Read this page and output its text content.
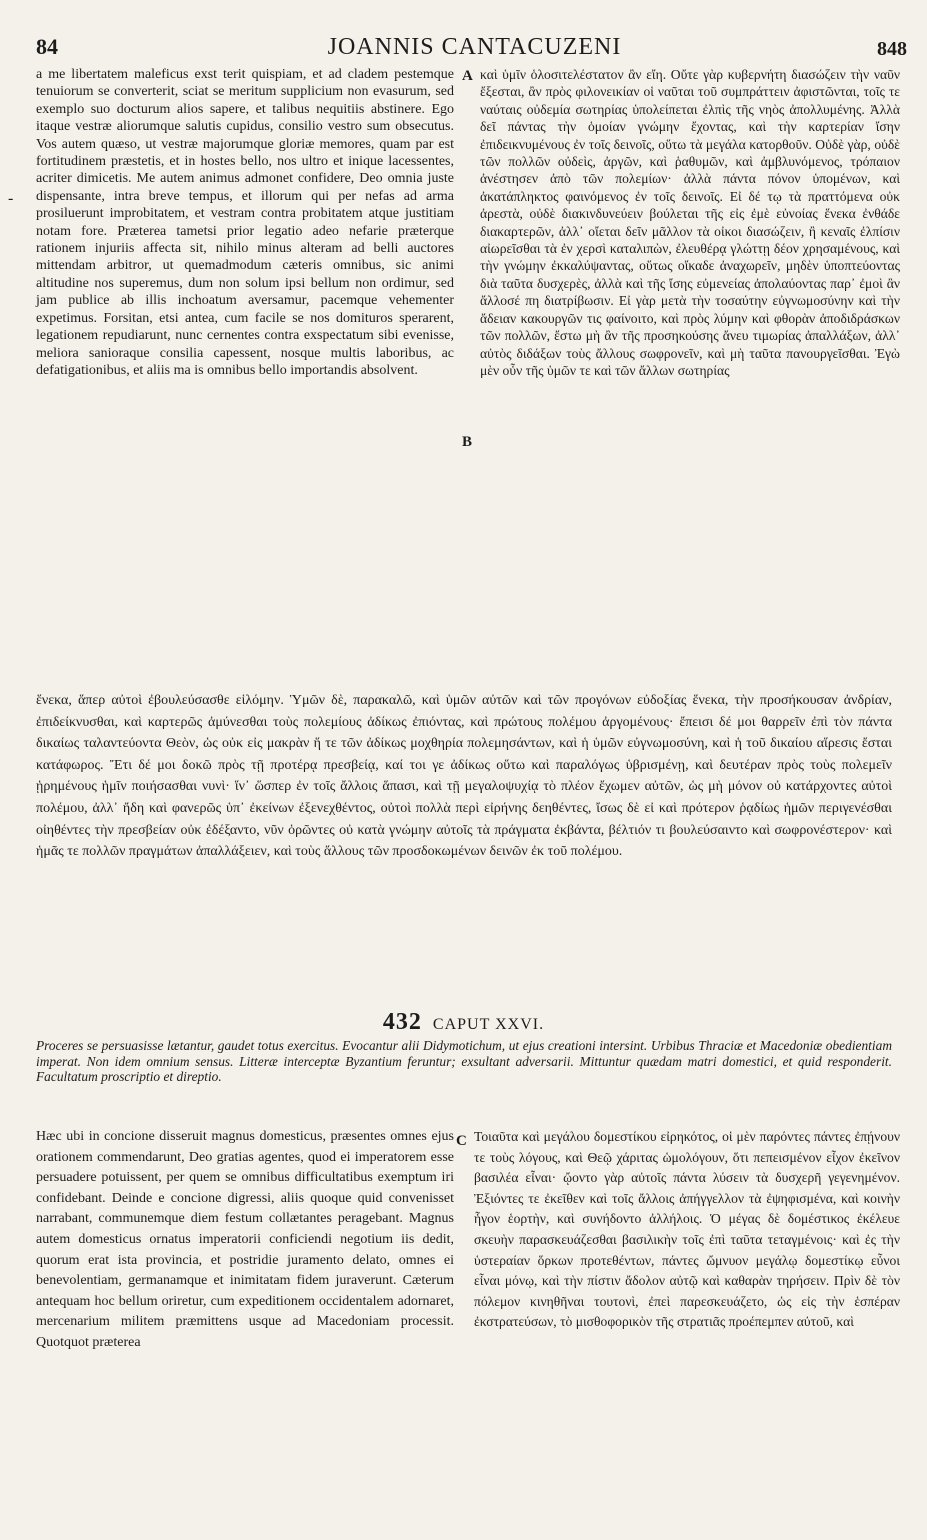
84	JOANNIS CANTACUZENI	848
-
A
B
C

a me libertatem maleficus exst terit quispiam, et ad cladem pestemque tenuiorum se converterit, sciat se meritum supplicium non evasurum, sed exemplo suo docturum alios sapere, et talibus nequitiis abstinere. Ego itaque vestræ aliorumque salutis cupidus, consilio vestro sum obsecutus. Vos autem quæso, ut vestræ majorumque gloriæ memores, quam par est fortitudinem præstetis, et in hostes bello, nos ultro et inique lacessentes, acriter dimicetis. Me autem animus admonet confidere, Deo omnia juste dispensante, intra breve tempus, et illorum qui per nefas ad arma prosiluerunt improbitatem, et vestram contra probitatem atque justitiam notam fore. Præterea tametsi prior legatio adeo nefarie præterque rationem injuriis affecta sit, nihilo minus alteram ad belli auctores mittendam arbitror, ut quemadmodum cæteris omnibus, sic animi altitudine nos superemus, dum non solum ipsi bellum non ordimur, sed jam publice ab illis inchoatum aversamur, pacemque vehementer expetimus. Forsitan, etsi antea, cum facile se nos domituros sperarent, legationem repudiarunt, nunc cernentes contra exspectatum sibi evenisse, meliora sanioraque consilia capessent, nosque multis laboribus, ac defatigationibus, et aliis ma is omnibus bello importandis absolvent.

καὶ ὑμῖν ὁλοσιτελέστατον ἂν εἴη. Οὔτε γὰρ κυβερνήτη διασώζειν τὴν ναῦν ἔξεσται, ἂν πρὸς φιλονεικίαν οἱ ναῦται τοῦ συμπράττειν ἀφιστῶνται, τοῖς τε ναύταις οὐδεμία σωτηρίας ὑπολείπεται ἐλπὶς τῆς νηὸς ἀπολλυμένης. Ἀλλὰ δεῖ πάντας τὴν ὁμοίαν γνώμην ἔχοντας, καὶ τὴν καρτερίαν ἴσην ἐπιδεικνυμένους ἐν τοῖς δεινοῖς, οὕτω τὰ μεγάλα κατορθοῦν. Οὐδὲ γὰρ, οὐδὲ τῶν πολλῶν οὐδεὶς, ἀργῶν, καὶ ῥαθυμῶν, καὶ ἀμβλυνόμενος, τρόπαιον ἀνέστησεν ἀπὸ τῶν πολεμίων· ἀλλὰ πάντα πόνον ὑπομένων, καὶ ἀκατάπληκτος φαινόμενος ἐν τοῖς δεινοῖς. Εἰ δέ τῳ τὰ πραττόμενα οὐκ ἀρεστὰ, οὐδὲ διακινδυνεύειν βούλεται τῆς εἰς ἐμὲ εὐνοίας ἕνεκα ἐνθάδε διακαρτερῶν, ἀλλ᾽ οἴεται δεῖν μᾶλλον τὰ οἰκοι διασώζειν, ἢ κεναῖς ἐλπίσιν αἰωρεῖσθαι τὰ ἐν χερσὶ καταλιπὼν, ἐλευθέρᾳ γλώττῃ δέον χρησαμένους, καὶ τὴν γνώμην ἐκκαλύψαντας, οὕτως οἴκαδε ἀναχωρεῖν, μηδὲν ὑποπτεύοντας διὰ ταῦτα δυσχερὲς, ἀλλὰ καὶ τῆς ἴσης εὐμενείας ἀπολαύοντας παρ᾽ ἐμοὶ ἂν ἄλλοσέ πη διατρίβωσιν. Εἰ γὰρ μετὰ τὴν τοσαύτην εὐγνωμοσύνην καὶ τὴν ἄδειαν κακουργῶν τις φαίνοιτο, καὶ πρὸς λύμην καὶ φθορὰν ἀποδιδράσκων τῶν πολλῶν, ἔστω μὴ ἂν τῆς προσηκούσης ἄνευ τιμωρίας ἀπαλλάξων, ἀλλ᾽ αὐτὸς διδάξων τοὺς ἄλλους σωφρονεῖν, καὶ μὴ ταῦτα πανουργεῖσθαι. Ἐγὼ μὲν οὖν τῆς ὑμῶν τε καὶ τῶν ἄλλων σωτηρίας

ἕνεκα, ἅπερ αὐτοὶ ἐβουλεύσασθε εἱλόμην. Ὑμῶν δὲ, παρακαλῶ, καὶ ὑμῶν αὐτῶν καὶ τῶν προγόνων εὐδοξίας ἕνεκα, τὴν προσήκουσαν ἀνδρίαν, ἐπιδείκνυσθαι, καὶ καρτερῶς ἀμύνεσθαι τοὺς πολεμίους ἀδίκως ἐπιόντας, καὶ πρώτους πολέμου ἀργομένους· ἔπεισι δέ μοι θαρρεῖν ἐπὶ τὸν πάντα δικαίως ταλαντεύοντα Θεὸν, ὡς οὐκ εἰς μακρὰν ἥ τε τῶν ἀδίκως μοχθηρία πολεμησάντων, καὶ ἡ ὑμῶν εὐγνωμοσύνη, καὶ ἡ τοῦ δικαίου αἵρεσις ἔσται κατάφωρος. Ἔτι δέ μοι δοκῶ πρὸς τῇ προτέρᾳ πρεσβείᾳ, καί τοι γε ἀδίκως οὕτω καὶ παραλόγως ὑβρισμένῃ, καὶ δευτέραν πρὸς τοὺς πολεμεῖν ᾑρημένους ἡμῖν ποιήσασθαι νυνὶ· ἵν᾽ ὥσπερ ἐν τοῖς ἄλλοις ἅπασι, καὶ τῇ μεγαλοψυχίᾳ τὸ πλέον ἔχωμεν αὐτῶν, ὡς μὴ μόνον οὐ κατάρχοντες αὐτοὶ πολέμου, ἀλλ᾽ ἤδη καὶ φανερῶς ὑπ᾽ ἐκείνων ἐξενεχθέντος, οὐτοὶ πολλὰ περὶ εἰρήνης δεηθέντες, ἴσως δὲ εἰ καὶ πρότερον ῥᾳδίως ἡμῶν περιγενέσθαι οἰηθέντες τὴν πρεσβείαν οὐκ ἐδέξαντο, νῦν ὁρῶντες οὐ κατὰ γνώμην αὐτοῖς τὰ πράγματα ἐκβάντα, βέλτιόν τι βουλεύσαιντο καὶ σωφρονέστερον· καὶ ἡμᾶς τε πολλῶν πραγμάτων ἀπαλλάξειεν, καὶ τοὺς ἄλλους τῶν προσδοκωμένων δεινῶν ἐκ τοῦ πολέμου.
432 CAPUT XXVI.
Proceres se persuasisse lætantur, gaudet totus exercitus. Evocantur alii Didymotichum, ut ejus creationi intersint. Urbibus Thraciæ et Macedoniæ obedientiam imperat. Non idem omnium sensus. Litteræ interceptæ Byzantium feruntur; exsultant adversarii. Mittuntur quædam matri domestici, et quid responderit. Facultatum proscriptio et direptio.

Hæc ubi in concione disseruit magnus domesticus, præsentes omnes ejus orationem commendarunt, Deo gratias agentes, quod ei imperatorem esse persuadere potuissent, per quem se omnibus difficultatibus exemptum iri confidebant. Deinde e concione digressi, aliis quoque quid convenisset narrabant, communemque diem festum collætantes peragebant. Magnus autem domesticus ornatus imperatorii conficiendi negotium iis dedit, quorum erat ista provincia, et postridie juramento delato, omnes ei benevolentiam, germanamque et inimitatam fidem juraverunt. Cæterum antequam hoc bellum oriretur, cum expeditionem occidentalem adornaret, mercenarium militem præmittens usque ad Macedoniam processit. Quotquot præterea

Τοιαῦτα καὶ μεγάλου δομεστίκου εἰρηκότος, οἱ μὲν παρόντες πάντες ἐπῄνουν τε τοὺς λόγους, καὶ Θεῷ χάριτας ὡμολόγουν, ὅτι πεπεισμένον εἶχον ἐκεῖνον βασιλέα εἶναι· ᾤοντο γὰρ αὐτοῖς πάντα λύσειν τὰ δυσχερῆ γεγενημένον. Ἐξιόντες τε ἐκεῖθεν καὶ τοῖς ἄλλοις ἀπήγγελλον τὰ ἐψηφισμένα, καὶ κοινὴν ἦγον ἑορτὴν, καὶ συνήδοντο ἀλλήλοις. Ὁ μέγας δὲ δομέστικος ἐκέλευε σκευὴν παρασκευάζεσθαι βασιλικὴν τοῖς ἐπὶ ταῦτα τεταγμένοις· καὶ ἐς τὴν ὑστεραίαν ὅρκων προτεθέντων, πάντες ὤμνυον μεγάλῳ δομεστίκῳ εὖνοι εἶναι μόνῳ, καὶ τὴν πίστιν ἄδολον αὐτῷ καὶ καθαρὰν τηρήσειν. Πρὶν δὲ τὸν πόλεμον κινηθῆναι τουτονὶ, ἐπεὶ παρεσκευάζετο, ὡς εἰς τὴν ἑσπέραν ἐκστρατεύσων, τὸ μισθοφορικὸν τῆς στρατιᾶς προέπεμπεν αὐτοῦ, καὶ
